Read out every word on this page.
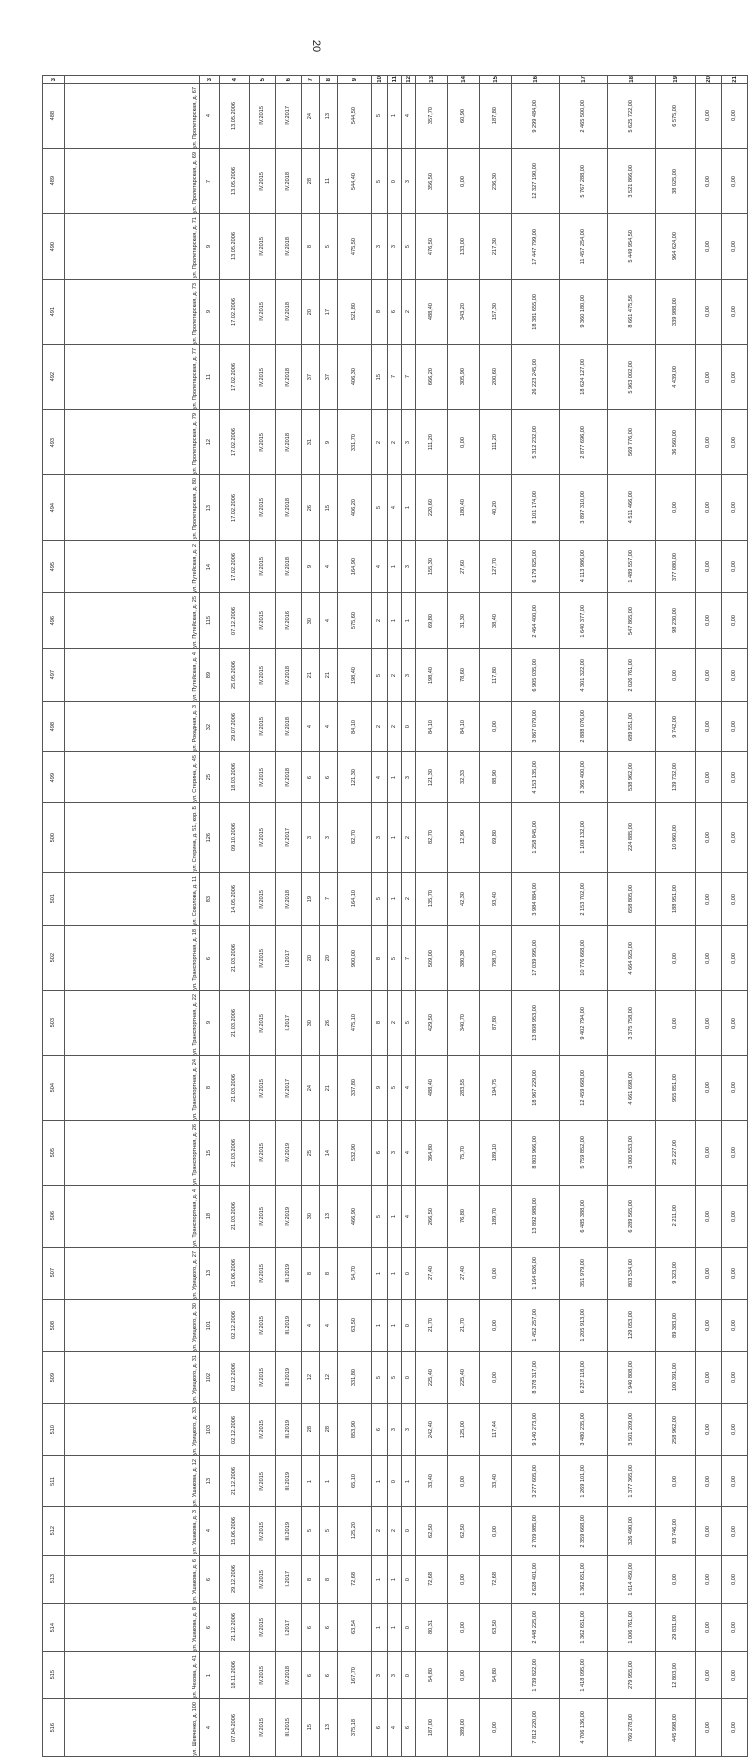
20
3		3	4	5	6	7	8	9	10	11	12	13	14	15	16	17	18	19	20	21

488	ул. Пролетарская, д. 67	4	13.05.2006	IV.2015	IV.2017	24	13	544,50	5	1	4	357,70	60,90	187,80	9 299 484,00	2 465 500,00	5 625 722,00	6 575,00	0,00	0,00

489	ул. Пролетарская, д. 69	7	13.05.2006	IV.2015	IV.2018	28	11	544,40	5	0	3	356,50	0,00	236,30	12 327 190,00	5 767 288,00	3 521 866,00	38 025,00	0,00	0,00

490	ул. Пролетарская, д. 71	9	13.05.2006	IV.2015	IV.2018	8	5	475,50	3	3	5	476,50	133,00	217,30	17 447 799,00	11 457 254,00	5 449 954,50	964 624,00	0,00	0,00

491	ул. Пролетарская, д. 73	9	17.02.2006	IV.2015	IV.2018	20	17	521,80	8	6	2	488,40	343,20	157,30	18 381 655,00	9 360 180,00	8 661 475,56	339 988,00	0,00	0,00

492	ул. Пролетарская, д. 77	11	17.02.2006	IV.2015	IV.2018	37	37	406,30	15	7	7	666,20	305,90	200,60	26 223 245,00	18 624 127,00	5 963 002,00	4 439,00	0,00	0,00

493	ул. Пролетарская, д. 79	12	17.02.2006	IV.2015	IV.2018	31	9	331,70	2	2	3	111,20	0,00	111,20	5 312 232,00	2 877 696,00	569 776,00	36 560,00	0,00	0,00

494	ул. Пролетарская, д. 80	13	17.02.2006	IV.2015	IV.2018	26	15	406,20	5	4	1	220,60	180,40	40,20	8 101 174,00	3 897 310,00	4 511 466,00	0,00	0,00	0,00

495	ул. Путейская, д. 2	14	17.02.2006	IV.2015	IV.2018	9	4	164,90	4	1	3	155,30	27,60	127,70	6 179 825,00	4 113 986,00	1 489 557,00	377 080,00	0,00	0,00

496	ул. Путейская, д. 25	115	07.12.2006	IV.2015	IV.2016	30	4	575,60	2	1	1	69,80	31,30	38,40	2 464 400,00	1 640 377,00	547 865,00	98 230,00	0,00	0,00

497	ул. Путейская, д. 4	89	25.05.2006	IV.2015	IV.2018	21	21	198,40	5	2	3	198,40	78,60	117,80	6 905 035,00	4 301 322,00	2 026 761,00	0,00	0,00	0,00

498	ул. Рокадная, д. 3	32	29.07.2006	IV.2015	IV.2018	4	4	84,10	2	2	0	84,10	84,10	0,00	3 867 079,00	2 888 076,00	689 551,00	9 742,00	0,00	0,00

499	ул. Стерина, д. 45	25	18.03.2006	IV.2015	IV.2018	6	6	121,30	4	1	3	121,30	32,33	88,90	4 153 135,00	3 365 400,00	538 962,00	139 732,00	0,00	0,00

500	ул. Стерина, д. 51, кор. Б	126	09.10.2006	IV.2015	IV.2017	3	3	82,70	3	1	2	82,70	12,90	69,80	1 258 845,00	1 108 132,00	224 885,00	10 960,00	0,00	0,00

501	ул. Соколова, д. 11	83	14.05.2006	IV.2015	IV.2018	19	7	164,10	5	1	2	135,70	42,30	93,40	3 984 884,00	2 153 702,00	658 805,00	188 951,00	0,00	0,00

502	ул. Транспортная, д. 18	6	21.03.2006	IV.2015	II.2017	20	20	900,00	8	5	7	509,00	380,38	798,70	17 039 995,00	10 776 668,00	4 664 925,00	0,00	0,00	0,00

503	ул. Транспортная, д. 22	9	21.03.2006	IV.2015	I.2017	30	26	475,10	8	2	5	429,50	340,70	87,80	13 808 953,00	9 402 794,00	3 375 758,00	0,00	0,00	0,00

504	ул. Транспортная, д. 24	8	21.03.2006	IV.2015	IV.2017	24	21	337,80	9	5	4	488,40	283,55	194,75	18 967 229,00	12 459 668,00	4 661 698,00	955 851,00	0,00	0,00

505	ул. Транспортная, д. 26	15	21.03.2006	IV.2015	IV.2019	25	14	532,90	6	3	4	364,80	75,70	189,10	8 803 966,00	5 759 852,00	3 000 553,00	25 227,00	0,00	0,00

506	ул. Транспортная, д. 4	18	21.03.2006	IV.2015	IV.2019	30	13	466,90	5	1	4	266,50	76,80	189,70	13 892 988,00	6 485 388,00	6 289 565,00	2 211,00	0,00	0,00

507	ул. Урицкого, д. 27	13	15.06.2006	IV.2015	III.2019	8	8	54,70	1	1	0	27,40	27,40	0,00	1 164 826,00	351 979,00	803 534,00	9 323,00	0,00	0,00

508	ул. Урицкого, д. 30	101	02.12.2006	IV.2015	III.2019	4	4	63,50	1	1	0	21,70	21,70	0,00	1 452 257,00	1 205 913,00	129 053,00	89 383,00	0,00	0,00

509	ул. Урицкого, д. 31	102	02.12.2006	IV.2015	III.2019	12	12	331,80	5	5	0	225,40	225,40	0,00	8 378 317,00	6 237 118,00	1 940 808,00	100 391,00	0,00	0,00

510	ул. Урицкого, д. 33	103	02.12.2006	IV.2015	III.2019	28	28	853,90	6	3	3	242,40	125,00	117,44	9 140 273,00	3 480 235,00	3 501 209,00	258 962,00	0,00	0,00

511	ул. Ушакова, д. 12	13	21.12.2006	IV.2015	III.2019	1	1	65,10	1	0	1	33,40	0,00	33,40	3 277 605,00	1 269 101,00	1 377 365,00	0,00	0,00	0,00

512	ул. Ушакова, д. 3	4	15.06.2006	IV.2015	III.2019	5	5	125,20	2	2	0	62,50	62,50	0,00	2 709 985,00	2 359 668,00	326 490,00	93 746,00	0,00	0,00

513	ул. Ушакова, д. 6	6	29.12.2006	IV.2015	I.2017	8	8	72,68	1	1	0	72,68	0,00	72,68	2 628 401,00	1 362 651,00	1 614 450,00	0,00	0,00	0,00

514	ул. Ушакова, д. 8	6	21.12.2006	IV.2015	I.2017	6	6	63,54	1	1	0	80,31	0,00	63,50	2 448 225,00	1 362 651,00	1 006 761,00	29 831,00	0,00	0,00

515	ул. Чехова, д. 41	1	18.11.2006	IV.2015	IV.2018	6	6	167,70	3	3	0	54,80	0,00	54,80	1 739 822,00	1 418 095,00	279 955,00	12 803,00	0,00	0,00

516	ул. Шевченко, д. 100	4	07.04.2006	IV.2015	III.2015	15	13	375,18	6	4	6	187,00	389,00	0,00	7 812 220,00	4 706 136,00	760 278,00	445 998,00	0,00	0,00
